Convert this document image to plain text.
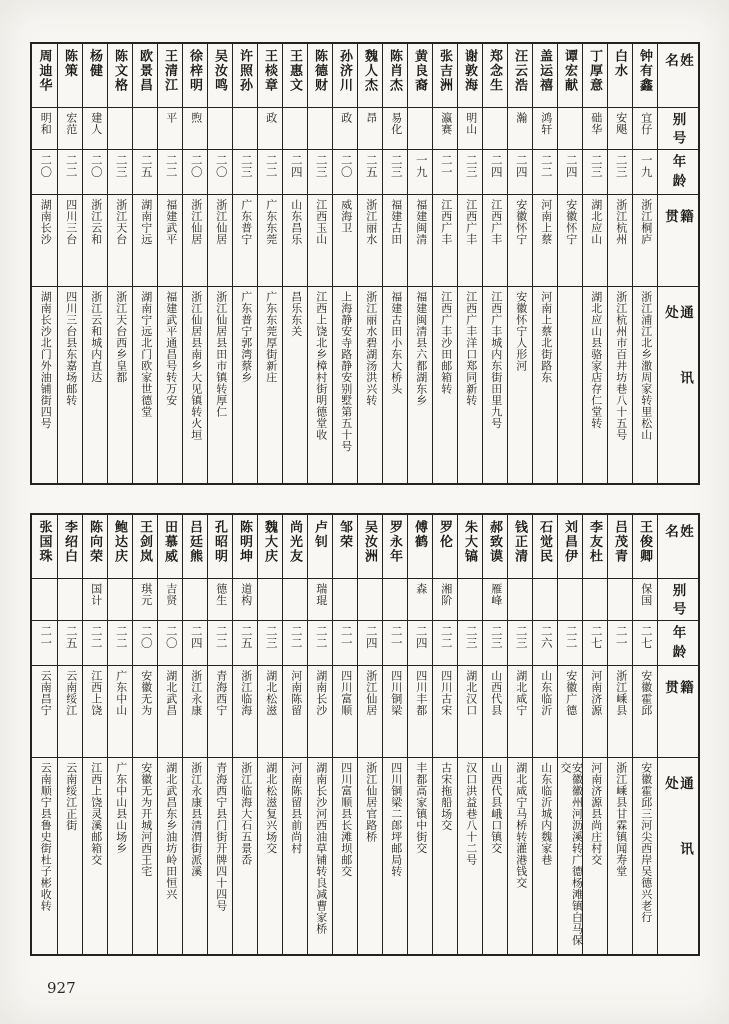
姓名
别号
年龄
籍贯
通讯处
钟有鑫
宜仔
一九
浙江桐庐
浙江浦江北乡潵周家转里松山
白水
安飓
二三
浙江杭州
浙江杭州市百井坊巷八十五号
丁厚意
础华
二三
湖北应山
湖北应山县骆家店存仁堂转
谭宏献
二四
安徽怀宁
盖运禧
鸿轩
二二
河南上蔡
河南上蔡北街路东
汪云浩
瀚
二四
安徽怀宁
安徽怀宁人形河
郑念生
二四
江西广丰
江西广丰城内东街田里九号
谢敦海
明山
二三
江西广丰
江西广丰洋口郑同新转
张吉洲
瀛赛
二一
江西广丰
江西广丰沙田邮箱转
黄良裔
一九
福建闽清
福建闽清县六都湖东乡
陈肖杰
易化
二三
福建古田
福建古田小东大桥头
魏人杰
昂
二五
浙江丽水
浙江丽水碧湖汤洪兴转
孙济川
政
二〇
威海卫
上海静安寺路静安别墅第五十号
陈德财
二三
江西玉山
江西上饶北乡樟村街明德堂收
王惠文
二四
山东昌乐
昌乐东关
王棪章
政
二二
广东东莞
广东东莞厚街新庄
许照孙
二三
广东普宁
广东普宁郭湾蔡乡
吴汝鸣
二〇
浙江仙居
浙江仙居县田市镇转厚仁
徐梓明
煦
二〇
浙江仙居
浙江仙居县南乡大见镇转火垣
王清江
平
二二
福建武平
福建武平通昌号转万安
欧景昌
二五
湖南宁远
湖南宁远北门欧家世德堂
陈文格
二三
浙江天台
浙江天台西乡皇都
杨健
建人
二〇
浙江云和
浙江云和城内直达
陈策
宏范
二二
四川三台
四川三台县东嘉场邮转
周迪华
明和
二〇
湖南长沙
湖南长沙北门外油铺街四号
姓名
别号
年龄
籍贯
通讯处
王俊卿
保国
二七
安徽霍邱
安徽霍邱三河尖西岸吴德兴老行
吕茂青
二一
浙江嵊县
浙江嵊县甘霖镇闻寿堂
李友杜
二七
河南济源
河南济源县尚庄村交
刘昌伊
二二
安徽广德
安徽徽州河沥溪转广德杨滩镇白马保交
石觉民
二六
山东临沂
山东临沂城内魏家巷
钱正清
二三
湖北咸宁
湖北咸宁马桥转灌港钱交
郝致谟
雁峰
二三
山西代县
山西代县峨口镇交
朱大镐
二三
湖北汉口
汉口洪益巷八十二号
罗伦
湘阶
二二
四川古宋
古宋拖船场交
傅鹤
森
二四
四川丰都
丰都高家镇中街交
罗永年
二一
四川铜梁
四川铜梁二郎坪邮局转
吴汝洲
二四
浙江仙居
浙江仙居官路桥
邹荣
二一
四川富顺
四川富顺县长滩坝邮交
卢钊
瑞琨
二二
湖南长沙
湖南长沙河西油草铺转良减曹家桥
尚光友
二二
河南陈留
河南陈留县前尚村
魏大庆
二三
湖北松滋
湖北松滋复兴场交
陈明坤
道构
二五
浙江临海
浙江临海大石五景岙
孔昭明
德生
二二
青海西宁
青海西宁县门街开牌四十四号
吕廷熊
二四
浙江永康
浙江永康县清渭街派溪
田慕威
吉贤
二〇
湖北武昌
湖北武昌东乡油坊岭田恒兴
王剑岚
琪元
二〇
安徽无为
安徽无为开城河西王宅
鲍达庆
二二
广东中山
广东中山县山场乡
陈向荣
国计
二二
江西上饶
江西上饶灵溪邮箱交
李绍白
二五
云南绥江
云南绥江正街
张国珠
二一
云南昌宁
云南顺宁县鲁史街杜子彬收转
927
